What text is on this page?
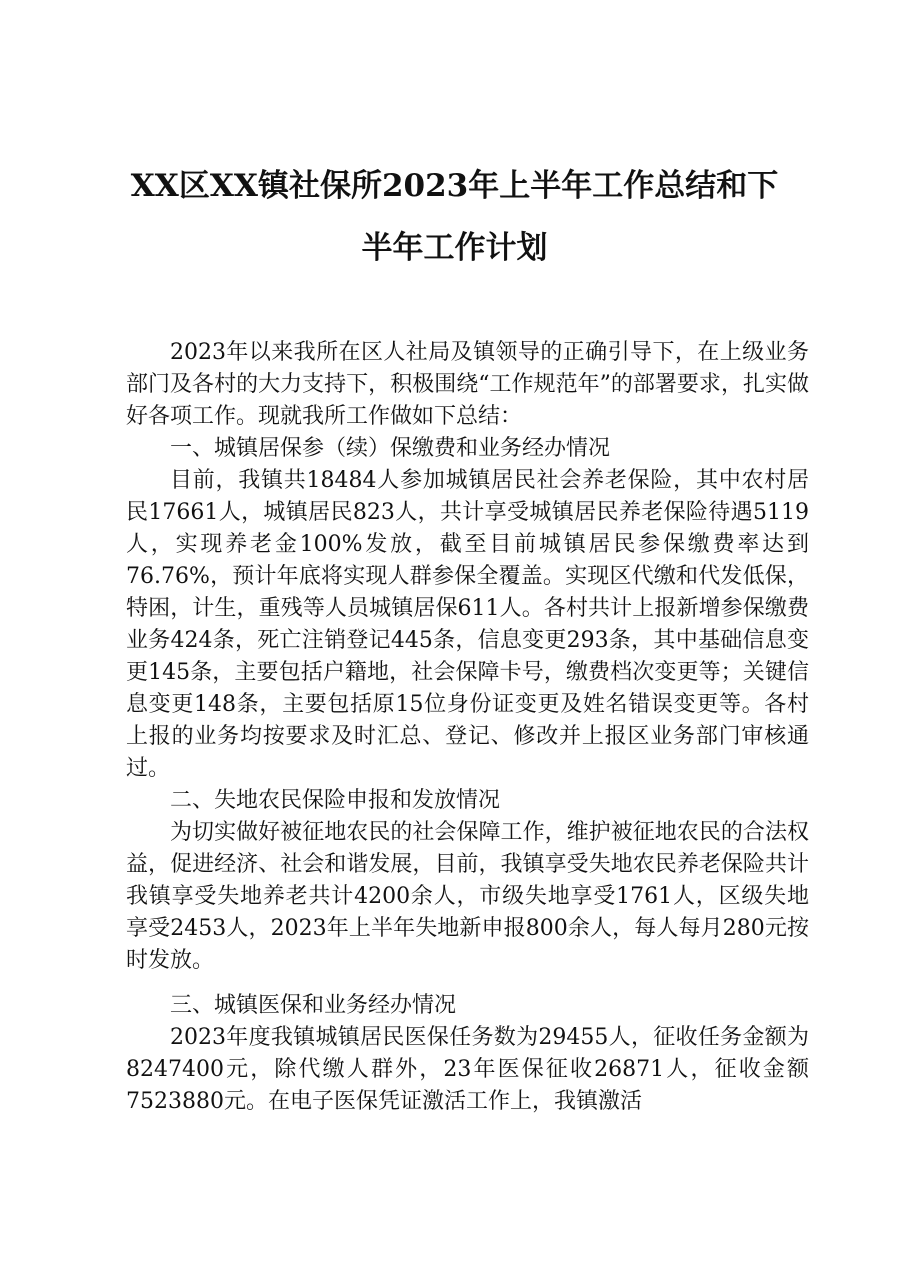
XX区XX镇社保所2023年上半年工作总结和下
半年工作计划

2023年以来我所在区人社局及镇领导的正确引导下，在上级业务部门及各村的大力支持下，积极围绕“工作规范年”的部署要求，扎实做好各项工作。现就我所工作做如下总结：

一、城镇居保参（续）保缴费和业务经办情况

目前，我镇共18484人参加城镇居民社会养老保险，其中农村居民17661人，城镇居民823人，共计享受城镇居民养老保险待遇5119人，实现养老金100%发放，截至目前城镇居民参保缴费率达到76.76%，预计年底将实现人群参保全覆盖。实现区代缴和代发低保，特困，计生，重残等人员城镇居保611人。各村共计上报新增参保缴费业务424条，死亡注销登记445条，信息变更293条，其中基础信息变更145条，主要包括户籍地，社会保障卡号，缴费档次变更等；关键信息变更148条，主要包括原15位身份证变更及姓名错误变更等。各村上报的业务均按要求及时汇总、登记、修改并上报区业务部门审核通过。

二、失地农民保险申报和发放情况

为切实做好被征地农民的社会保障工作，维护被征地农民的合法权益，促进经济、社会和谐发展，目前，我镇享受失地农民养老保险共计我镇享受失地养老共计4200余人，市级失地享受1761人，区级失地享受2453人，2023年上半年失地新申报800余人，每人每月280元按时发放。

三、城镇医保和业务经办情况

2023年度我镇城镇居民医保任务数为29455人，征收任务金额为8247400元，除代缴人群外，23年医保征收26871人，征收金额7523880元。在电子医保凭证激活工作上，我镇激活
